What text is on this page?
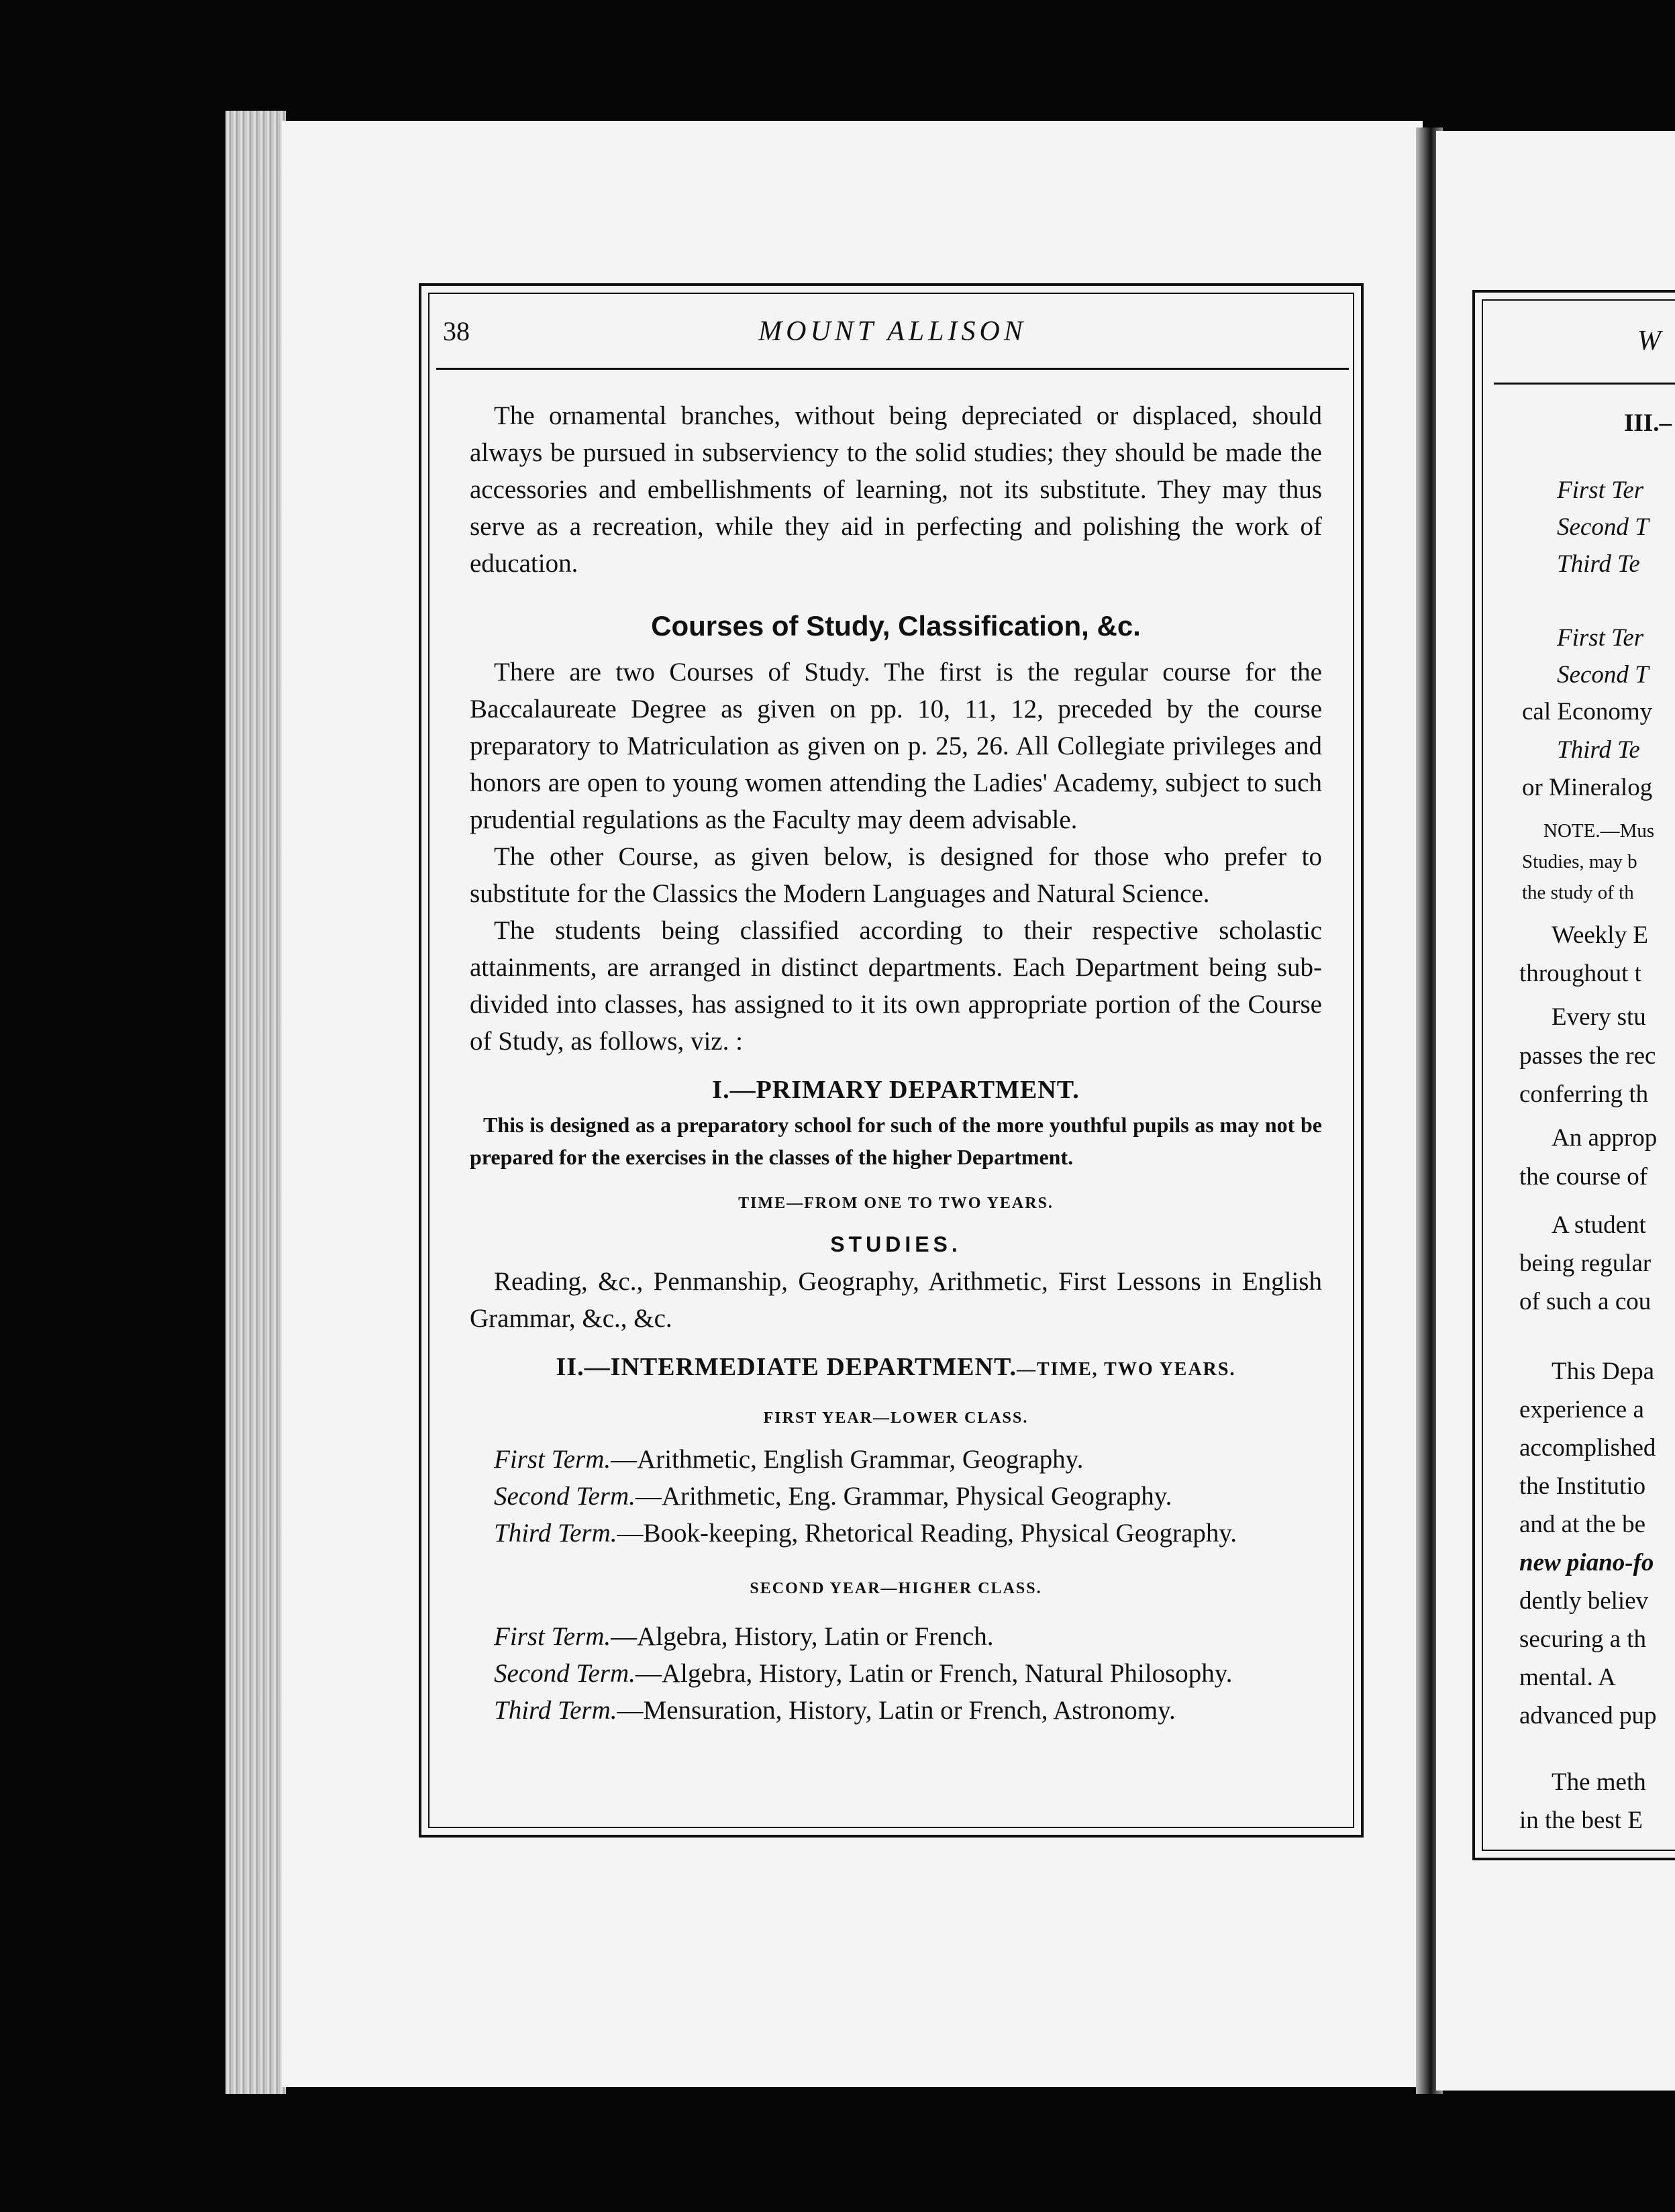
38	MOUNT ALLISON

The ornamental branches, without being depreciated or displaced, should always be pursued in subserviency to the solid studies; they should be made the accessories and embellishments of learning, not its substitute. They may thus serve as a recreation, while they aid in perfecting and polishing the work of education.

Courses of Study, Classification, &c.

There are two Courses of Study. The first is the regular course for the Baccalaureate Degree as given on pp. 10, 11, 12, preceded by the course preparatory to Matriculation as given on p. 25, 26. All Collegiate privileges and honors are open to young women attending the Ladies' Academy, subject to such prudential regulations as the Faculty may deem advisable.

The other Course, as given below, is designed for those who prefer to substitute for the Classics the Modern Languages and Natural Science.

The students being classified according to their respective scholastic attainments, are arranged in distinct departments. Each Department being sub-divided into classes, has assigned to it its own appropriate portion of the Course of Study, as follows, viz. :

I.—PRIMARY DEPARTMENT.

This is designed as a preparatory school for such of the more youthful pupils as may not be prepared for the exercises in the classes of the higher Department.

TIME—FROM ONE TO TWO YEARS.
STUDIES.

Reading, &c., Penmanship, Geography, Arithmetic, First Lessons in English Grammar, &c., &c.

II.—INTERMEDIATE DEPARTMENT.—TIME, TWO YEARS.
FIRST YEAR—LOWER CLASS.

First Term.—Arithmetic, English Grammar, Geography.

Second Term.—Arithmetic, Eng. Grammar, Physical Geography.

Third Term.—Book-keeping, Rhetorical Reading, Physical Geography.

SECOND YEAR—HIGHER CLASS.

First Term.—Algebra, History, Latin or French.

Second Term.—Algebra, History, Latin or French, Natural Philosophy.

Third Term.—Mensuration, History, Latin or French, Astronomy.

W
III.–
First Ter
Second T
Third Te
First Ter
Second T
cal Economy
Third Te
or Mineralog
NOTE.—Mus
Studies, may b
the study of th
Weekly E
throughout t
Every stu
passes the rec
conferring th
An approp
the course of
A student
being regular
of such a cou
This Depa
experience a
accomplished
the Institutio
and at the be
new piano-fo
dently believ
securing a th
mental. A
advanced pup
The meth
in the best E
